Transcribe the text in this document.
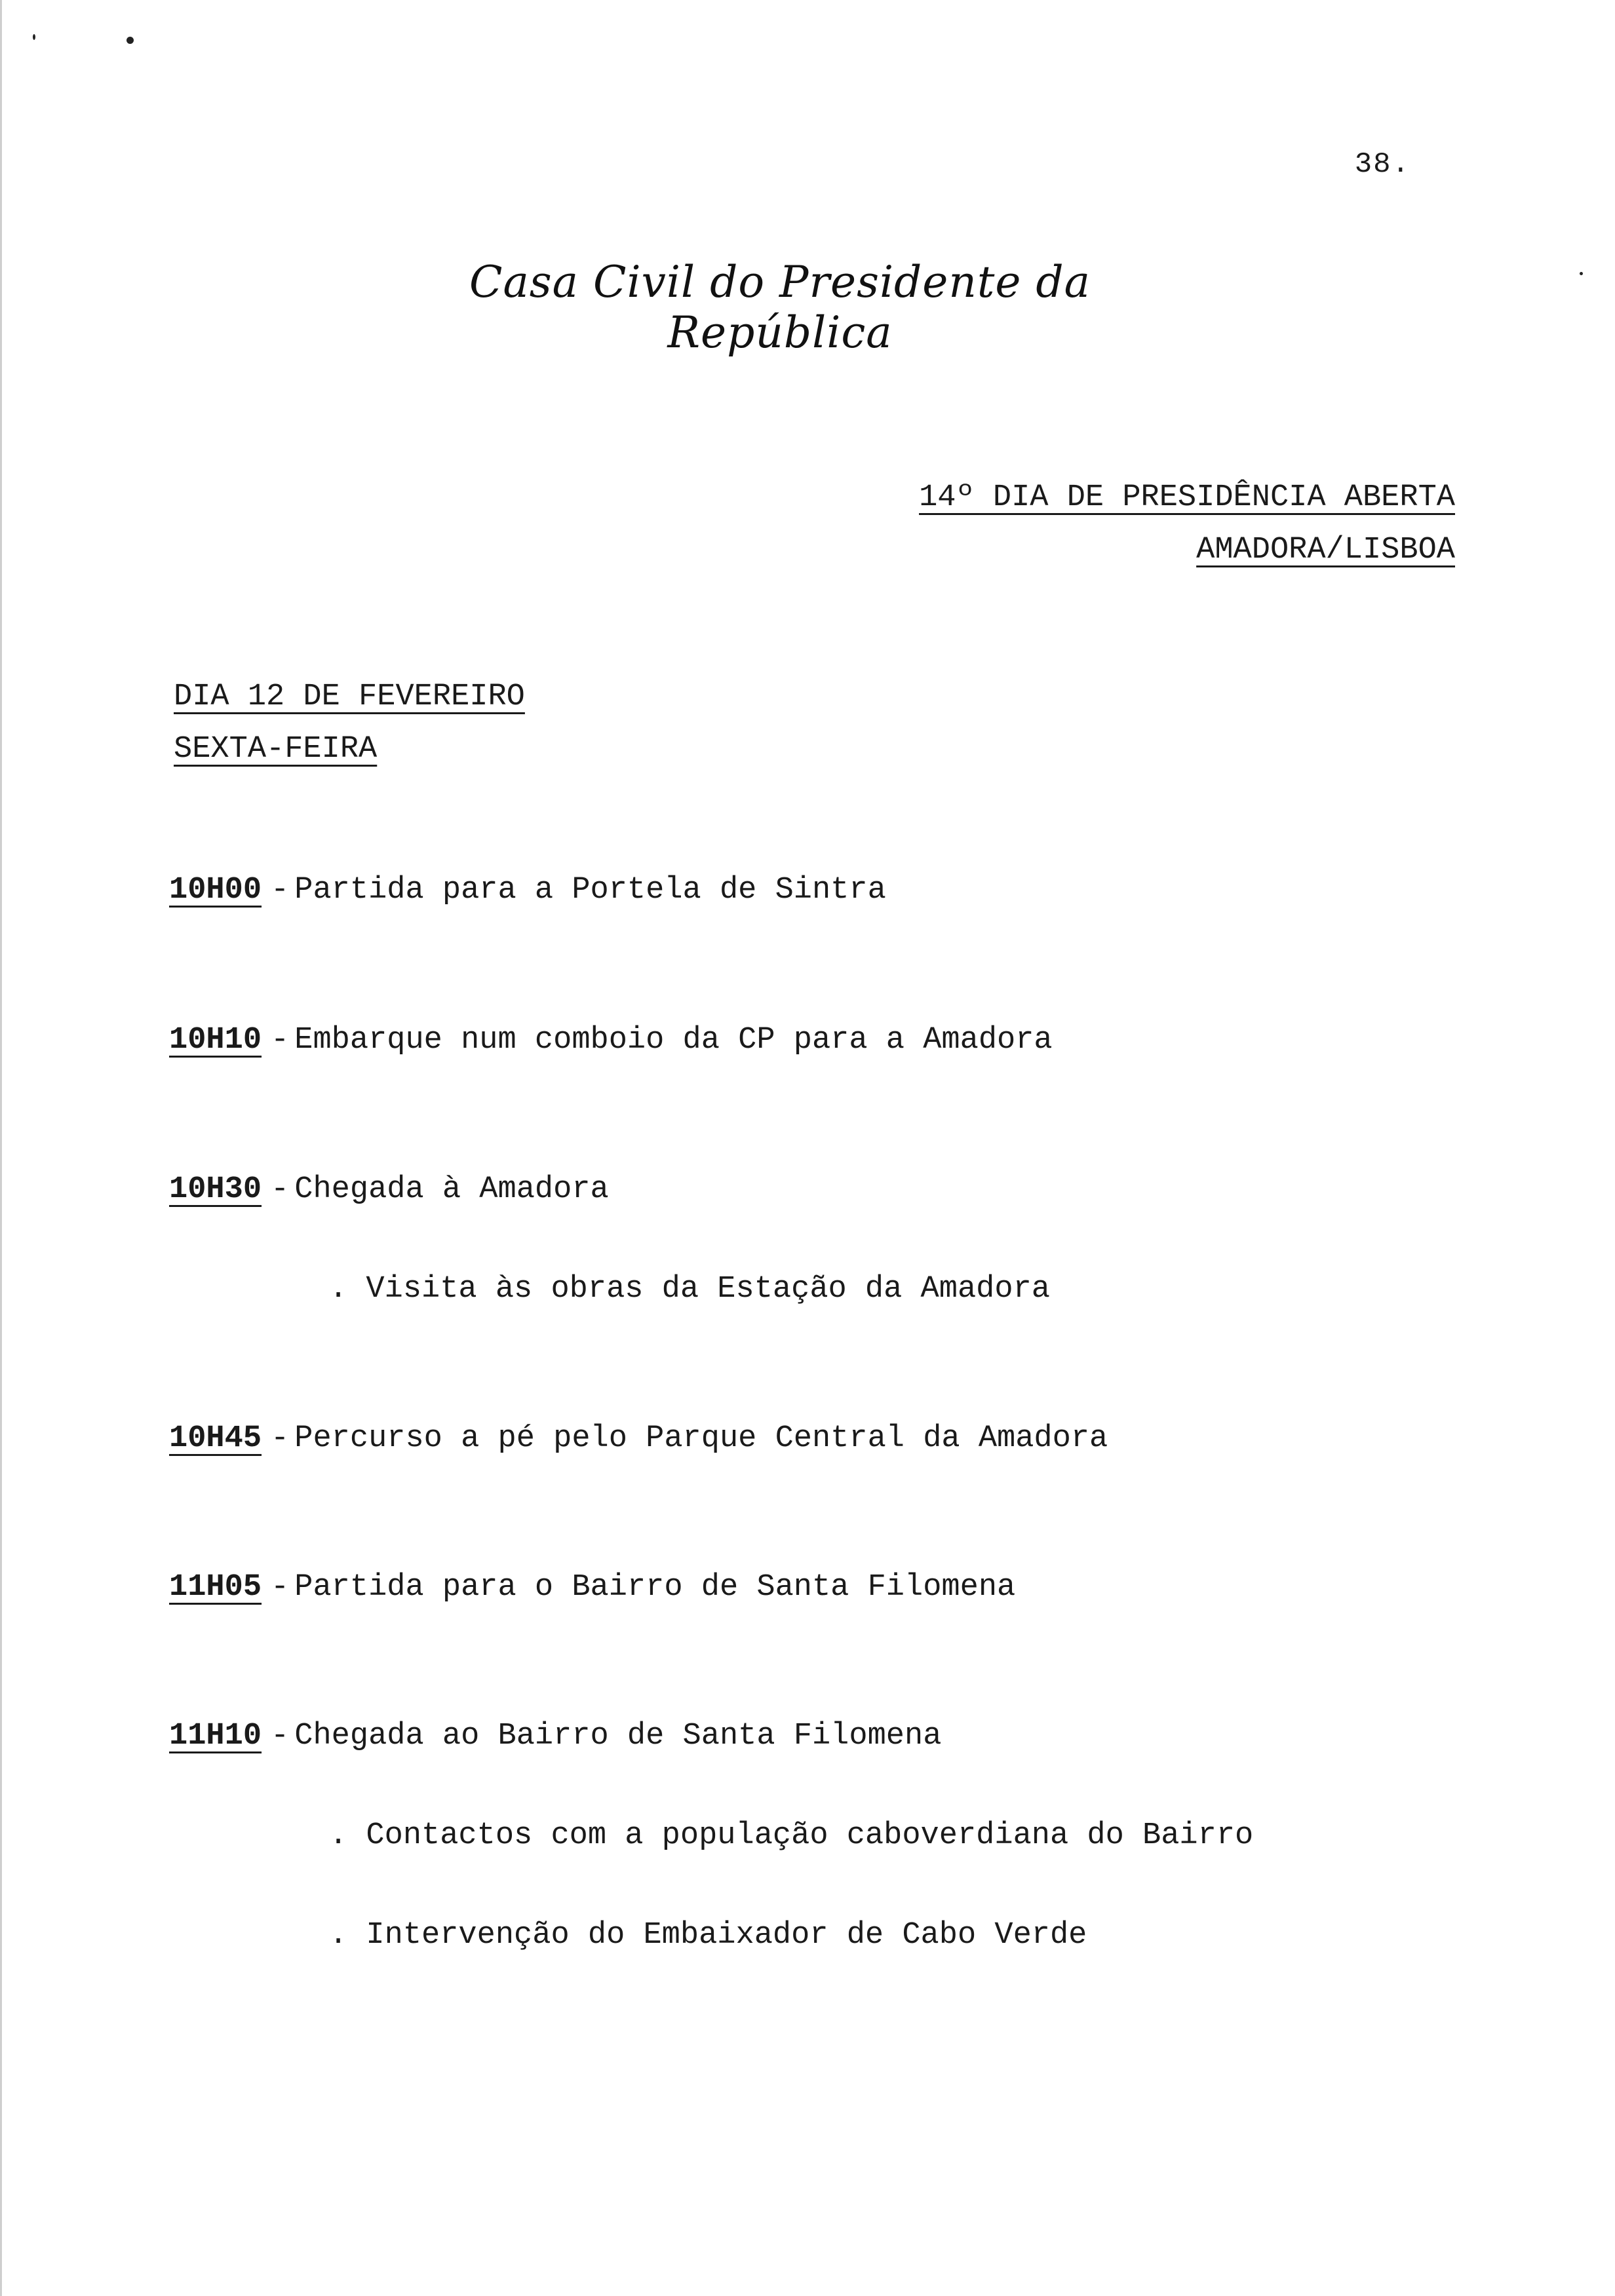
38.
Casa Civil do Presidente da República
14º DIA DE PRESIDÊNCIA ABERTA
AMADORA/LISBOA
DIA 12 DE FEVEREIRO
SEXTA-FEIRA
10H00 - Partida para a Portela de Sintra
10H10 - Embarque num comboio da CP para a Amadora
10H30 - Chegada à Amadora
. Visita às obras da Estação da Amadora
10H45 - Percurso a pé pelo Parque Central da Amadora
11H05 - Partida para o Bairro de Santa Filomena
11H10 - Chegada ao Bairro de Santa Filomena
. Contactos com a população caboverdiana do Bairro
. Intervenção do Embaixador de Cabo Verde
